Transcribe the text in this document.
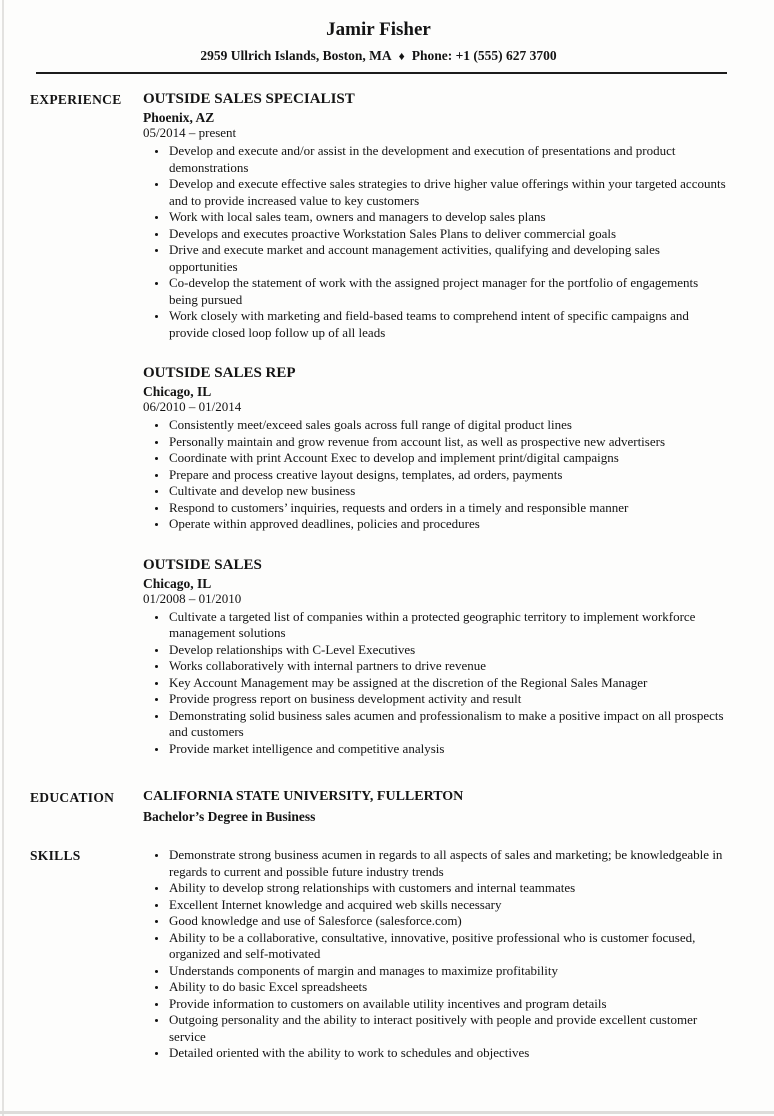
Jamir Fisher
2959 Ullrich Islands, Boston, MA ♦ Phone: +1 (555) 627 3700
EXPERIENCE	OUTSIDE SALES SPECIALIST
Phoenix, AZ
05/2014 – present
• Develop and execute and/or assist in the development and execution of presentations and product demonstrations
• Develop and execute effective sales strategies to drive higher value offerings within your targeted accounts and to provide increased value to key customers
• Work with local sales team, owners and managers to develop sales plans
• Develops and executes proactive Workstation Sales Plans to deliver commercial goals
• Drive and execute market and account management activities, qualifying and developing sales opportunities
• Co-develop the statement of work with the assigned project manager for the portfolio of engagements being pursued
• Work closely with marketing and field-based teams to comprehend intent of specific campaigns and provide closed loop follow up of all leads
OUTSIDE SALES REP
Chicago, IL
06/2010 – 01/2014
• Consistently meet/exceed sales goals across full range of digital product lines
• Personally maintain and grow revenue from account list, as well as prospective new advertisers
• Coordinate with print Account Exec to develop and implement print/digital campaigns
• Prepare and process creative layout designs, templates, ad orders, payments
• Cultivate and develop new business
• Respond to customers’ inquiries, requests and orders in a timely and responsible manner
• Operate within approved deadlines, policies and procedures
OUTSIDE SALES
Chicago, IL
01/2008 – 01/2010
• Cultivate a targeted list of companies within a protected geographic territory to implement workforce management solutions
• Develop relationships with C-Level Executives
• Works collaboratively with internal partners to drive revenue
• Key Account Management may be assigned at the discretion of the Regional Sales Manager
• Provide progress report on business development activity and result
• Demonstrating solid business sales acumen and professionalism to make a positive impact on all prospects and customers
• Provide market intelligence and competitive analysis
EDUCATION	CALIFORNIA STATE UNIVERSITY, FULLERTON
Bachelor’s Degree in Business
SKILLS	• Demonstrate strong business acumen in regards to all aspects of sales and marketing; be knowledgeable in regards to current and possible future industry trends
• Ability to develop strong relationships with customers and internal teammates
• Excellent Internet knowledge and acquired web skills necessary
• Good knowledge and use of Salesforce (salesforce.com)
• Ability to be a collaborative, consultative, innovative, positive professional who is customer focused, organized and self-motivated
• Understands components of margin and manages to maximize profitability
• Ability to do basic Excel spreadsheets
• Provide information to customers on available utility incentives and program details
• Outgoing personality and the ability to interact positively with people and provide excellent customer service
• Detailed oriented with the ability to work to schedules and objectives
